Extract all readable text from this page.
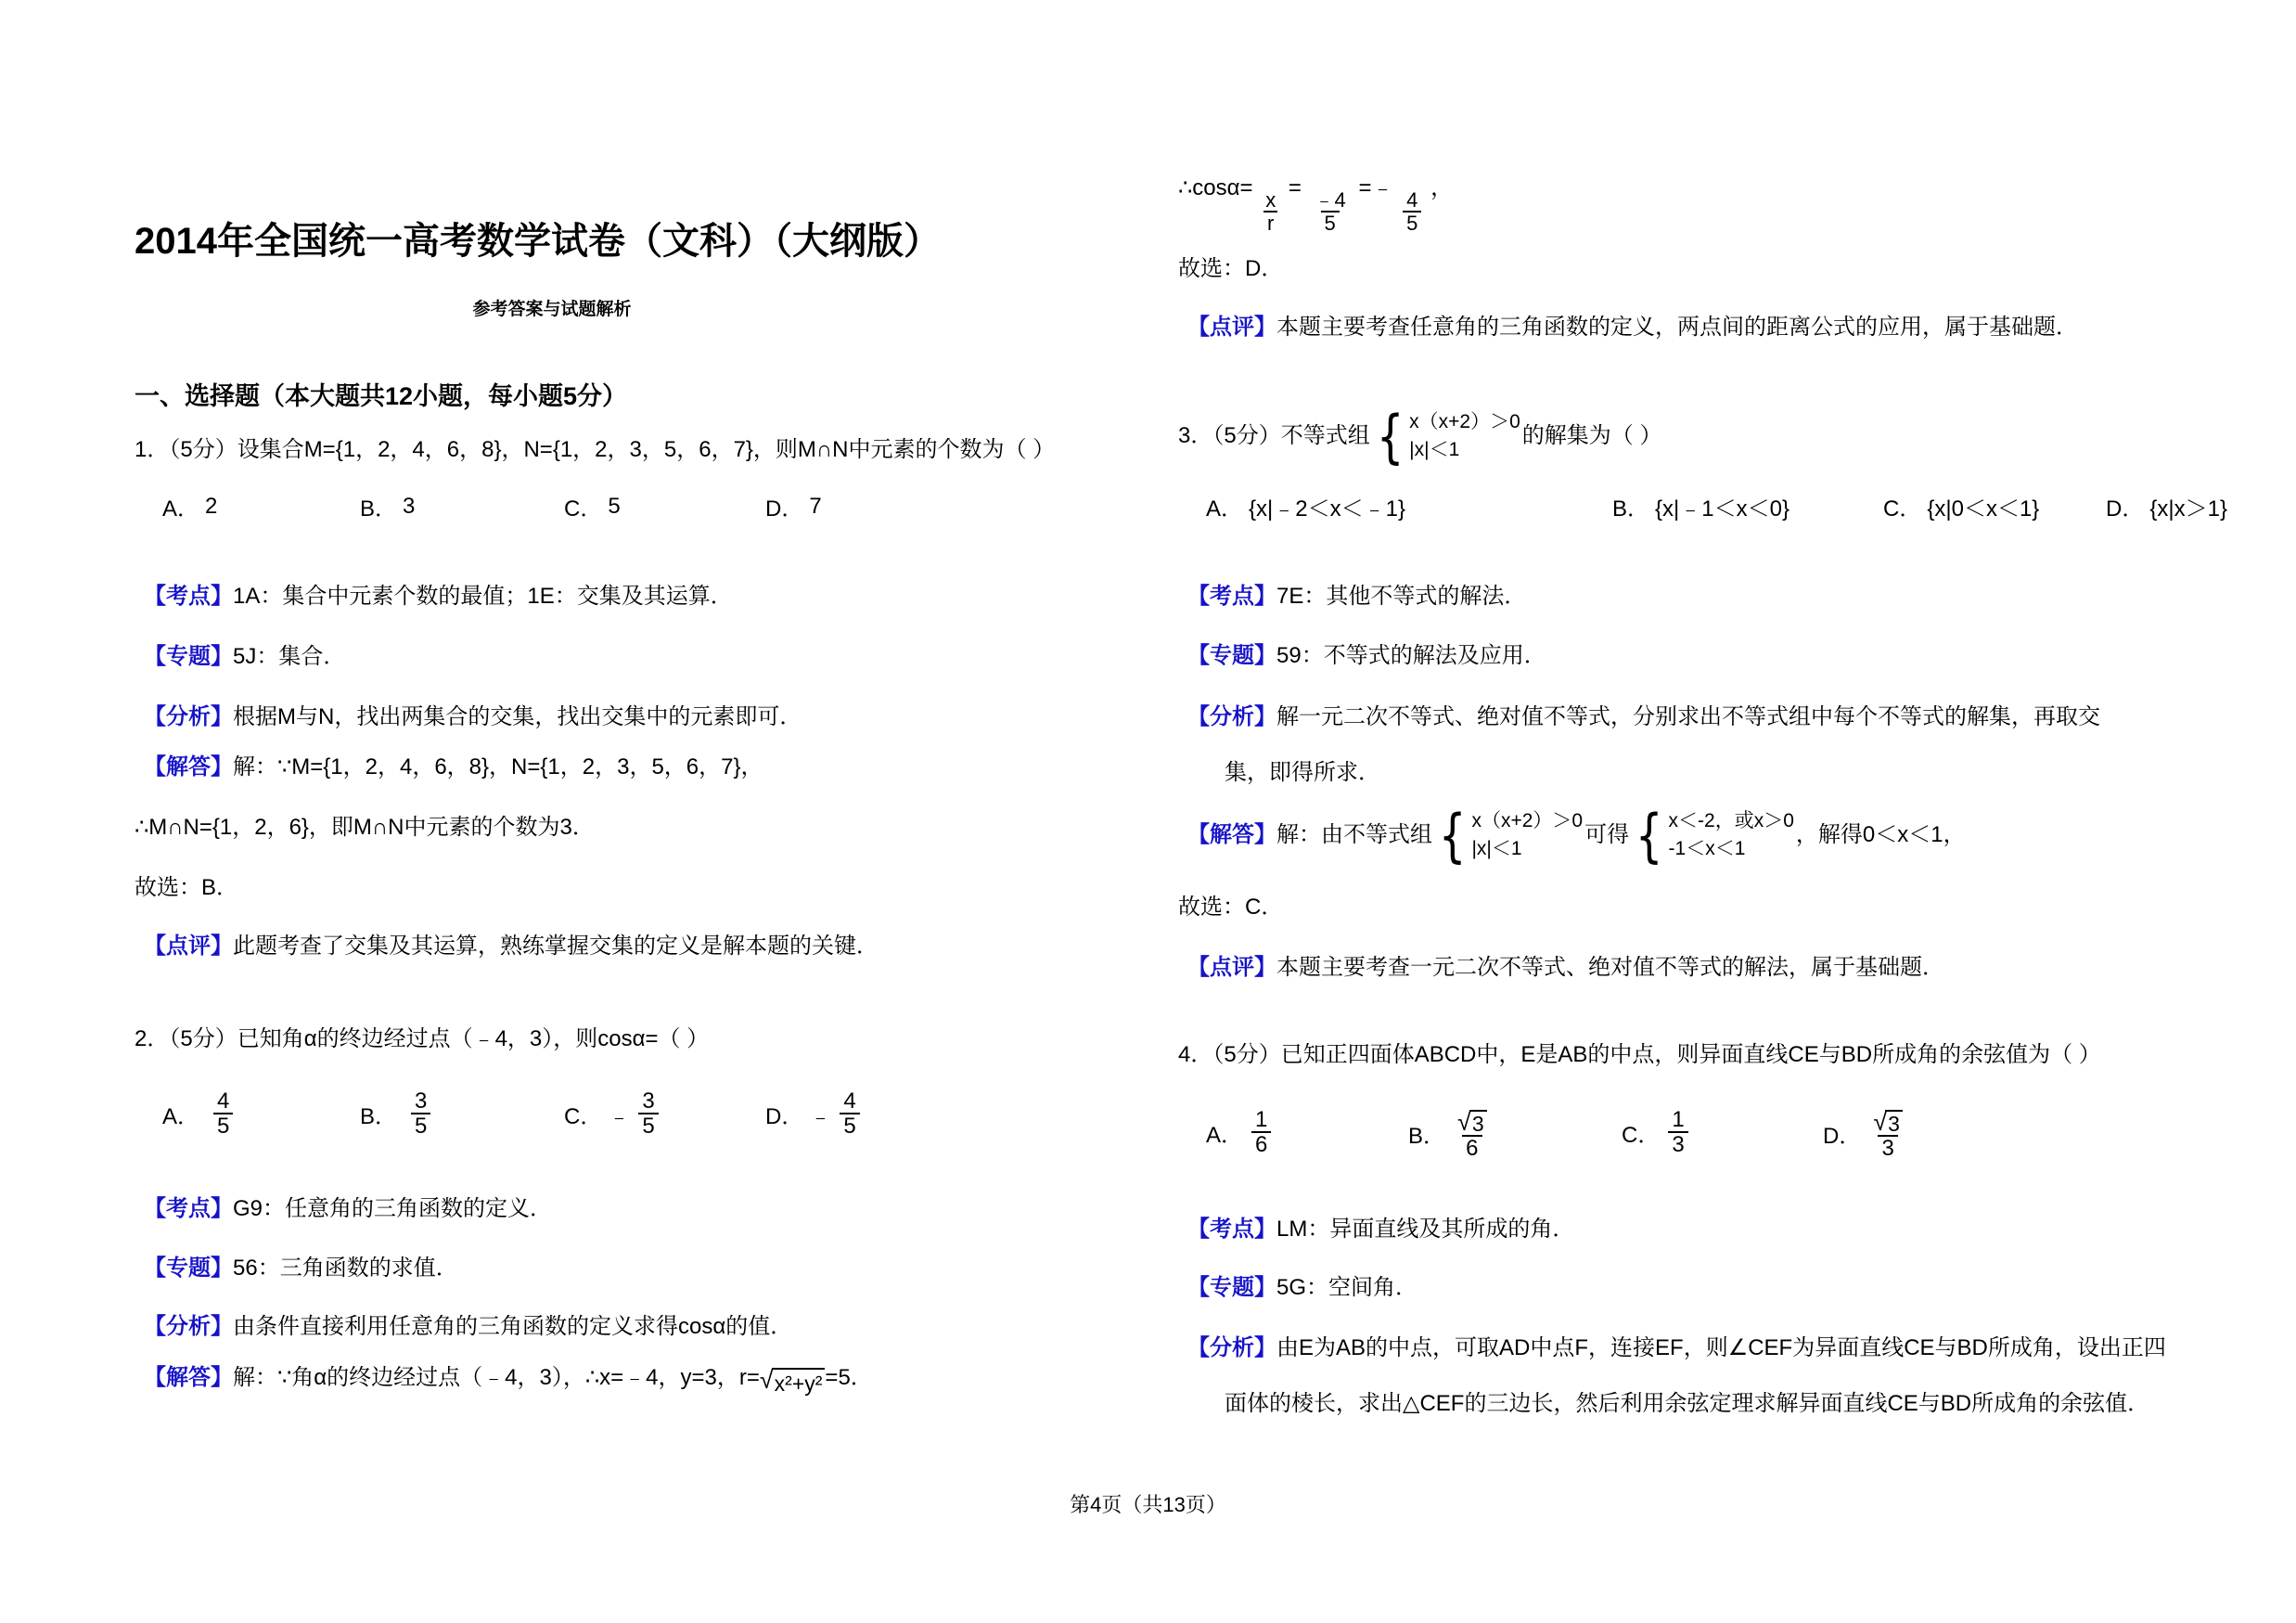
2014年全国统一高考数学试卷（文科）（大纲版）
参考答案与试题解析
一、选择题（本大题共12小题，每小题5分）
1．（5分）设集合M={1，2，4，6，8}，N={1，2，3，5，6，7}，则M∩N中元素的个数为（ ）
A． 2	B． 3	C． 5	D． 7
【考点】1A：集合中元素个数的最值；1E：交集及其运算．
【专题】5J：集合．
【分析】根据M与N，找出两集合的交集，找出交集中的元素即可．
【解答】解：∵M={1，2，4，6，8}，N={1，2，3，5，6，7}，
∴M∩N={1，2，6}，即M∩N中元素的个数为3．
故选：B．
【点评】此题考查了交集及其运算，熟练掌握交集的定义是解本题的关键．
2．（5分）已知角α的终边经过点（﹣4，3），则cosα=（ ）
A． $\frac{4}{5}$	B． $\frac{3}{5}$	C． ﹣ $\frac{3}{5}$	D． ﹣ $\frac{4}{5}$
【考点】G9：任意角的三角函数的定义．
【专题】56：三角函数的求值．
【分析】由条件直接利用任意角的三角函数的定义求得cosα的值．
【解答】解：∵角α的终边经过点（﹣4，3），∴x=﹣4，y=3，r= √ x²+y² =5．
∴cosα=
$\frac{x}{r}$
=
$\frac{﹣4}{5}$
=﹣
$\frac{4}{5}$
，
故选：D．
【点评】本题主要考查任意角的三角函数的定义，两点间的距离公式的应用，属于基础题．
3．（5分）不等式组 { x（x+2）＞0
|x|＜1
的解集为（ ）
A． {x|﹣2＜x＜﹣1}	B． {x|﹣1＜x＜0}	C． {x|0＜x＜1}	D． {x|x＞1}
【考点】7E：其他不等式的解法．
【专题】59：不等式的解法及应用．
【分析】解一元二次不等式、绝对值不等式，分别求出不等式组中每个不等式的解集，再取交
集，即得所求．
【解答】 解：由不等式组 { x（x+2）＞0
|x|＜1
可得 { x＜-2，或x＞0
-1＜x＜1
，解得0＜x＜1，
故选：C．
【点评】本题主要考查一元二次不等式、绝对值不等式的解法，属于基础题．
4．（5分）已知正四面体ABCD中，E是AB的中点，则异面直线CE与BD所成角的余弦值为（ ）
A． $\frac{1}{6}$	B． $\frac{√ 3}{6}$	C． $\frac{1}{3}$	D． $\frac{√ 3}{3}$
【考点】LM：异面直线及其所成的角．
【专题】5G：空间角．
【分析】由E为AB的中点，可取AD中点F，连接EF，则∠CEF为异面直线CE与BD所成角，设出正四
面体的棱长，求出△CEF的三边长，然后利用余弦定理求解异面直线CE与BD所成角的余弦值．
第4页（共13页）
